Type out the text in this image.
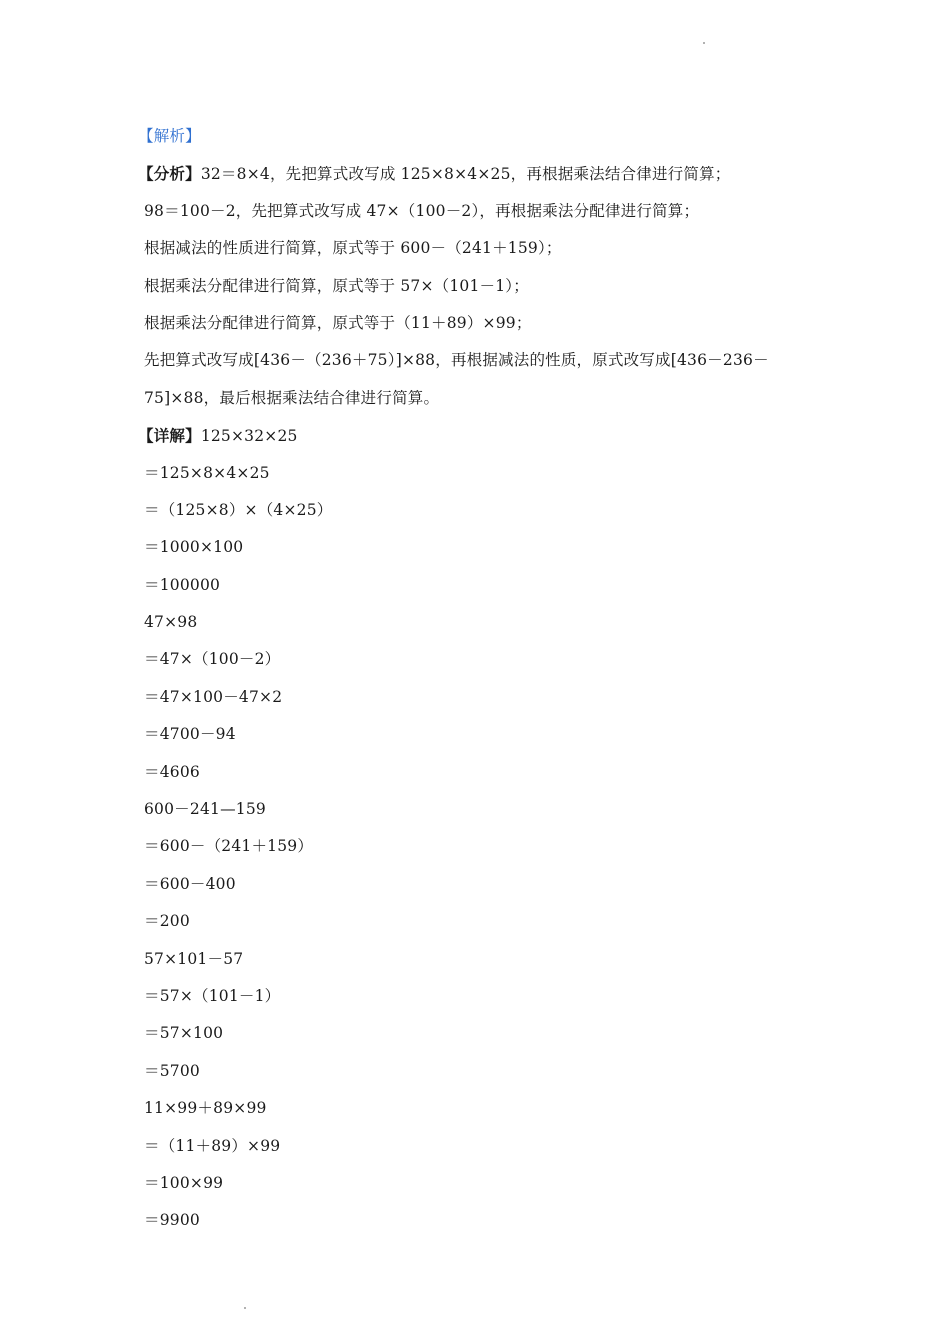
【解析】
【分析】32＝8×4，先把算式改写成 125×8×4×25，再根据乘法结合律进行简算；
98＝100－2，先把算式改写成 47×（100－2），再根据乘法分配律进行简算；
根据减法的性质进行简算，原式等于 600－（241＋159）；
根据乘法分配律进行简算，原式等于 57×（101－1）；
根据乘法分配律进行简算，原式等于（11＋89）×99；
先把算式改写成[436－（236＋75）]×88，再根据减法的性质，原式改写成[436－236－
75]×88，最后根据乘法结合律进行简算。
【详解】125×32×25
＝125×8×4×25
＝（125×8）×（4×25）
＝1000×100
＝100000
47×98
＝47×（100－2）
＝47×100－47×2
＝4700－94
＝4606
600－241—159
＝600－（241＋159）
＝600－400
＝200
57×101－57
＝57×（101－1）
＝57×100
＝5700
11×99＋89×99
＝（11＋89）×99
＝100×99
＝9900
